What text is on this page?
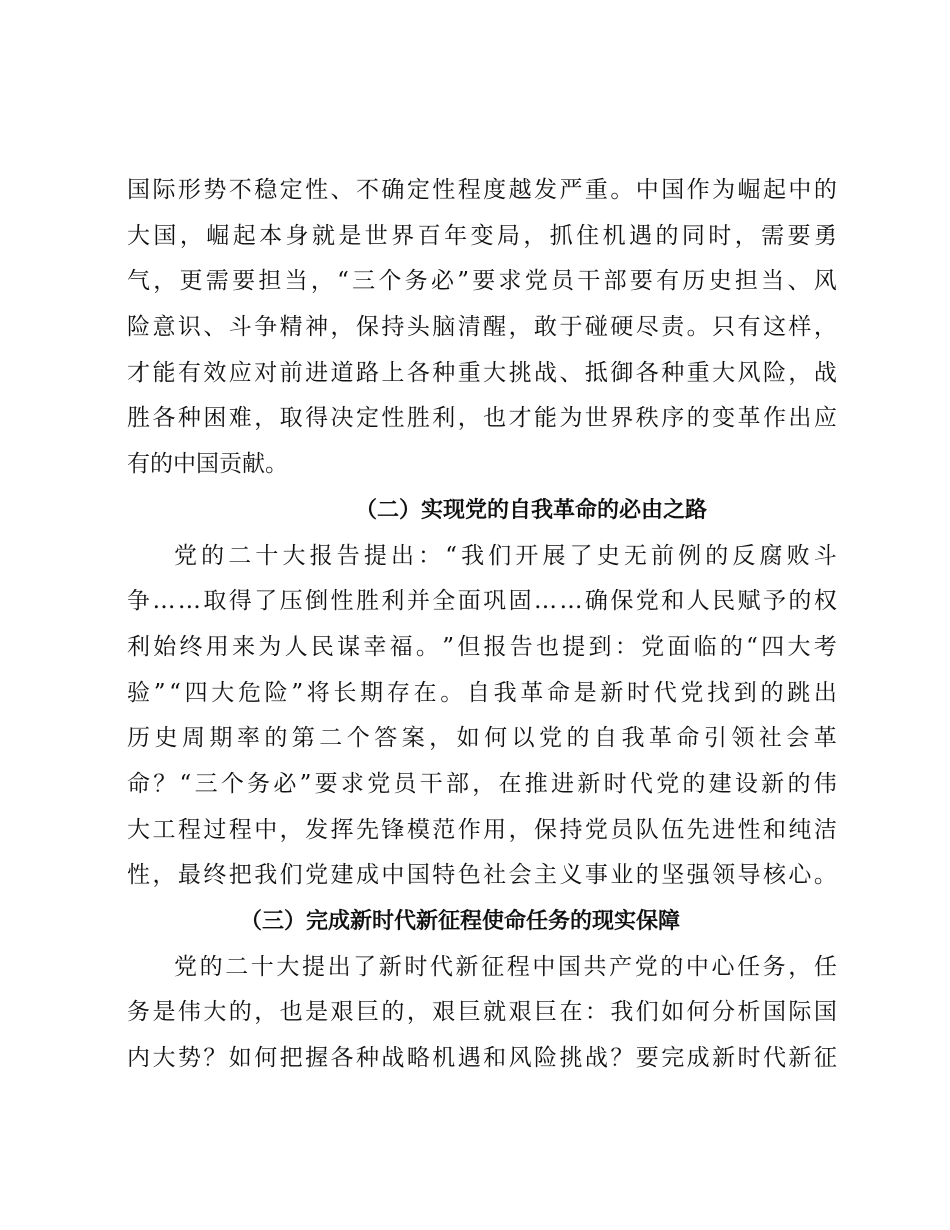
国 际 形 势 不 稳 定 性 、 不 确 定 性 程 度 越 发 严 重 。 中 国 作 为 崛 起 中 的
大 国 ， 崛 起 本 身 就 是 世 界 百 年 变 局 ， 抓 住 机 遇 的 同 时 ， 需 要 勇
气 ， 更 需 要 担 当 ， “ 三 个 务 必 ” 要 求 党 员 干 部 要 有 历 史 担 当 、 风
险 意 识 、 斗 争 精 神 ， 保 持 头 脑 清 醒 ， 敢 于 碰 硬 尽 责 。 只 有 这 样 ，
才 能 有 效 应 对 前 进 道 路 上 各 种 重 大 挑 战 、 抵 御 各 种 重 大 风 险 ， 战
胜 各 种 困 难 ， 取 得 决 定 性 胜 利 ， 也 才 能 为 世 界 秩 序 的 变 革 作 出 应
有的中国贡献。
（二）实现党的自我革命的必由之路
党 的 二 十 大 报 告 提 出 ： “ 我 们 开 展 了 史 无 前 例 的 反 腐 败 斗
争 … … 取 得 了 压 倒 性 胜 利 并 全 面 巩 固 … … 确 保 党 和 人 民 赋 予 的 权
利 始 终 用 来 为 人 民 谋 幸 福 。 ” 但 报 告 也 提 到 ： 党 面 临 的 “ 四 大 考
验 ” “ 四 大 危 险 ” 将 长 期 存 在 。 自 我 革 命 是 新 时 代 党 找 到 的 跳 出
历 史 周 期 率 的 第 二 个 答 案 ， 如 何 以 党 的 自 我 革 命 引 领 社 会 革
命 ？ “ 三 个 务 必 ” 要 求 党 员 干 部 ， 在 推 进 新 时 代 党 的 建 设 新 的 伟
大 工 程 过 程 中 ， 发 挥 先 锋 模 范 作 用 ， 保 持 党 员 队 伍 先 进 性 和 纯 洁
性 ， 最 终 把 我 们 党 建 成 中 国 特 色 社 会 主 义 事 业 的 坚 强 领 导 核 心 。
（三）完成新时代新征程使命任务的现实保障
党 的 二 十 大 提 出 了 新 时 代 新 征 程 中 国 共 产 党 的 中 心 任 务 ， 任
务 是 伟 大 的 ， 也 是 艰 巨 的 ， 艰 巨 就 艰 巨 在 ： 我 们 如 何 分 析 国 际 国
内 大 势 ？ 如 何 把 握 各 种 战 略 机 遇 和 风 险 挑 战 ？ 要 完 成 新 时 代 新 征
